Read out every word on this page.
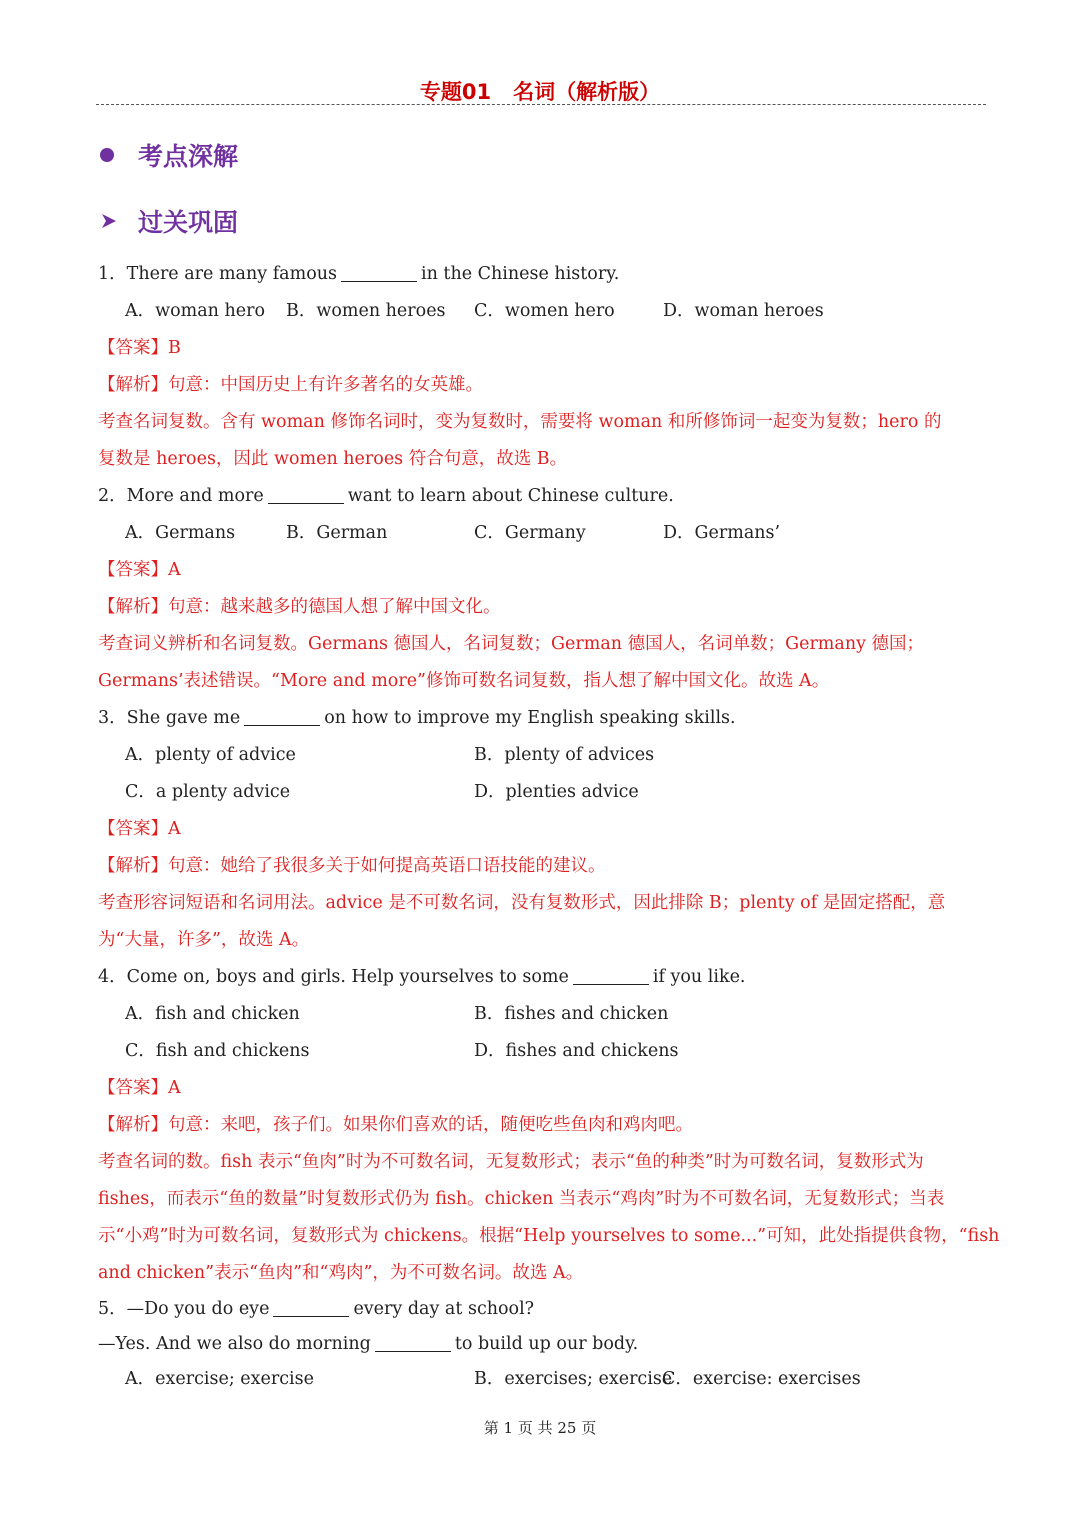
专题01 名词（解析版）
考点深解
过关巩固
1．There are many famous	in the Chinese history.
A．woman hero	B．women heroes	C．women hero	D．woman heroes
【答案】B
【解析】句意：中国历史上有许多著名的女英雄。
考查名词复数。含有 woman 修饰名词时，变为复数时，需要将 woman 和所修饰词一起变为复数；hero 的
复数是 heroes，因此 women heroes 符合句意，故选 B。
2．More and more	want to learn about Chinese culture.
A．Germans	B．German	C．Germany	D．Germans’
【答案】A
【解析】句意：越来越多的德国人想了解中国文化。
考查词义辨析和名词复数。Germans 德国人，名词复数；German 德国人，名词单数；Germany 德国；
Germans’表述错误。“More and more”修饰可数名词复数，指人想了解中国文化。故选 A。
3．She gave me	on how to improve my English speaking skills.
A．plenty of advice	B．plenty of advices
C．a plenty advice	D．plenties advice
【答案】A
【解析】句意：她给了我很多关于如何提高英语口语技能的建议。
考查形容词短语和名词用法。advice 是不可数名词，没有复数形式，因此排除 B；plenty of 是固定搭配，意
为“大量，许多”，故选 A。
4．Come on, boys and girls. Help yourselves to some	if you like.
A．fish and chicken	B．fishes and chicken
C．fish and chickens	D．fishes and chickens
【答案】A
【解析】句意：来吧，孩子们。如果你们喜欢的话，随便吃些鱼肉和鸡肉吧。
考查名词的数。fish 表示“鱼肉”时为不可数名词，无复数形式；表示“鱼的种类”时为可数名词，复数形式为
fishes，而表示“鱼的数量”时复数形式仍为 fish。chicken 当表示“鸡肉”时为不可数名词，无复数形式；当表
示“小鸡”时为可数名词，复数形式为 chickens。根据“Help yourselves to some...”可知，此处指提供食物，“fish
and chicken”表示“鱼肉”和“鸡肉”，为不可数名词。故选 A。
5．—Do you do eye	every day at school?
—Yes. And we also do morning	to build up our body.
A．exercise; exercise	B．exercises; exercise
C．exercise: exercises
第 1 页 共 25 页
